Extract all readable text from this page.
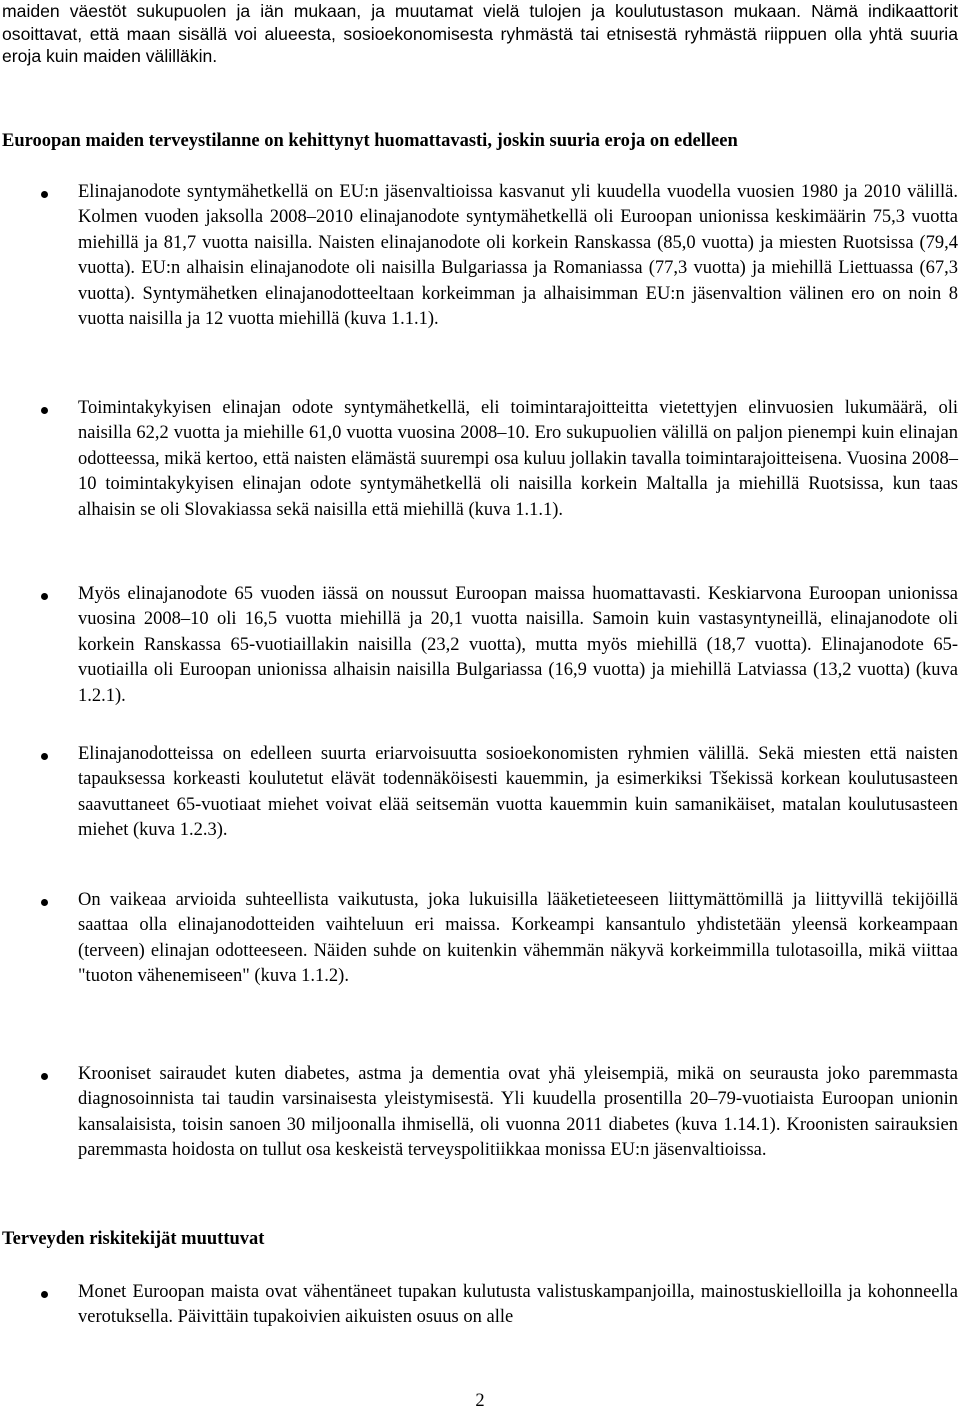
maiden väestöt sukupuolen ja iän mukaan, ja muutamat vielä tulojen ja koulutustason mukaan. Nämä indikaattorit osoittavat, että maan sisällä voi alueesta, sosioekonomisesta ryhmästä tai etnisestä ryhmästä riippuen olla yhtä suuria eroja kuin maiden välilläkin.

Euroopan maiden terveystilanne on kehittynyt huomattavasti, joskin suuria eroja on edelleen

Elinajanodote syntymähetkellä on EU:n jäsenvaltioissa kasvanut yli kuudella vuodella vuosien 1980 ja 2010 välillä. Kolmen vuoden jaksolla 2008–2010 elinajanodote syntymähetkellä oli Euroopan unionissa keskimäärin 75,3 vuotta miehillä ja 81,7 vuotta naisilla. Naisten elinajanodote oli korkein Ranskassa (85,0 vuotta) ja miesten Ruotsissa (79,4 vuotta). EU:n alhaisin elinajanodote oli naisilla Bulgariassa ja Romaniassa (77,3 vuotta) ja miehillä Liettuassa (67,3 vuotta). Syntymähetken elinajanodotteeltaan korkeimman ja alhaisimman EU:n jäsenvaltion välinen ero on noin 8 vuotta naisilla ja 12 vuotta miehillä (kuva 1.1.1).

Toimintakykyisen elinajan odote syntymähetkellä, eli toimintarajoitteitta vietettyjen elinvuosien lukumäärä, oli naisilla 62,2 vuotta ja miehille 61,0 vuotta vuosina 2008–10. Ero sukupuolien välillä on paljon pienempi kuin elinajan odotteessa, mikä kertoo, että naisten elämästä suurempi osa kuluu jollakin tavalla toimintarajoitteisena. Vuosina 2008–10 toimintakykyisen elinajan odote syntymähetkellä oli naisilla korkein Maltalla ja miehillä Ruotsissa, kun taas alhaisin se oli Slovakiassa sekä naisilla että miehillä (kuva 1.1.1).

Myös elinajanodote 65 vuoden iässä on noussut Euroopan maissa huomattavasti. Keskiarvona Euroopan unionissa vuosina 2008–10 oli 16,5 vuotta miehillä ja 20,1 vuotta naisilla. Samoin kuin vastasyntyneillä, elinajanodote oli korkein Ranskassa 65-vuotiaillakin naisilla (23,2 vuotta), mutta myös miehillä (18,7 vuotta). Elinajanodote 65-vuotiailla oli Euroopan unionissa alhaisin naisilla Bulgariassa (16,9 vuotta) ja miehillä Latviassa (13,2 vuotta) (kuva 1.2.1).

Elinajanodotteissa on edelleen suurta eriarvoisuutta sosioekonomisten ryhmien välillä. Sekä miesten että naisten tapauksessa korkeasti koulutetut elävät todennäköisesti kauemmin, ja esimerkiksi Tšekissä korkean koulutusasteen saavuttaneet 65-vuotiaat miehet voivat elää seitsemän vuotta kauemmin kuin samanikäiset, matalan koulutusasteen miehet (kuva 1.2.3).

On vaikeaa arvioida suhteellista vaikutusta, joka lukuisilla lääketieteeseen liittymättömillä ja liittyvillä tekijöillä saattaa olla elinajanodotteiden vaihteluun eri maissa. Korkeampi kansantulo yhdistetään yleensä korkeampaan (terveen) elinajan odotteeseen. Näiden suhde on kuitenkin vähemmän näkyvä korkeimmilla tulotasoilla, mikä viittaa "tuoton vähenemiseen" (kuva 1.1.2).

Krooniset sairaudet kuten diabetes, astma ja dementia ovat yhä yleisempiä, mikä on seurausta joko paremmasta diagnosoinnista tai taudin varsinaisesta yleistymisestä. Yli kuudella prosentilla 20–79-vuotiaista Euroopan unionin kansalaisista, toisin sanoen 30 miljoonalla ihmisellä, oli vuonna 2011 diabetes (kuva 1.14.1). Kroonisten sairauksien paremmasta hoidosta on tullut osa keskeistä terveyspolitiikkaa monissa EU:n jäsenvaltioissa.

Terveyden riskitekijät muuttuvat

Monet Euroopan maista ovat vähentäneet tupakan kulutusta valistuskampanjoilla, mainostuskielloilla ja kohonneella verotuksella. Päivittäin tupakoivien aikuisten osuus on alle

2
